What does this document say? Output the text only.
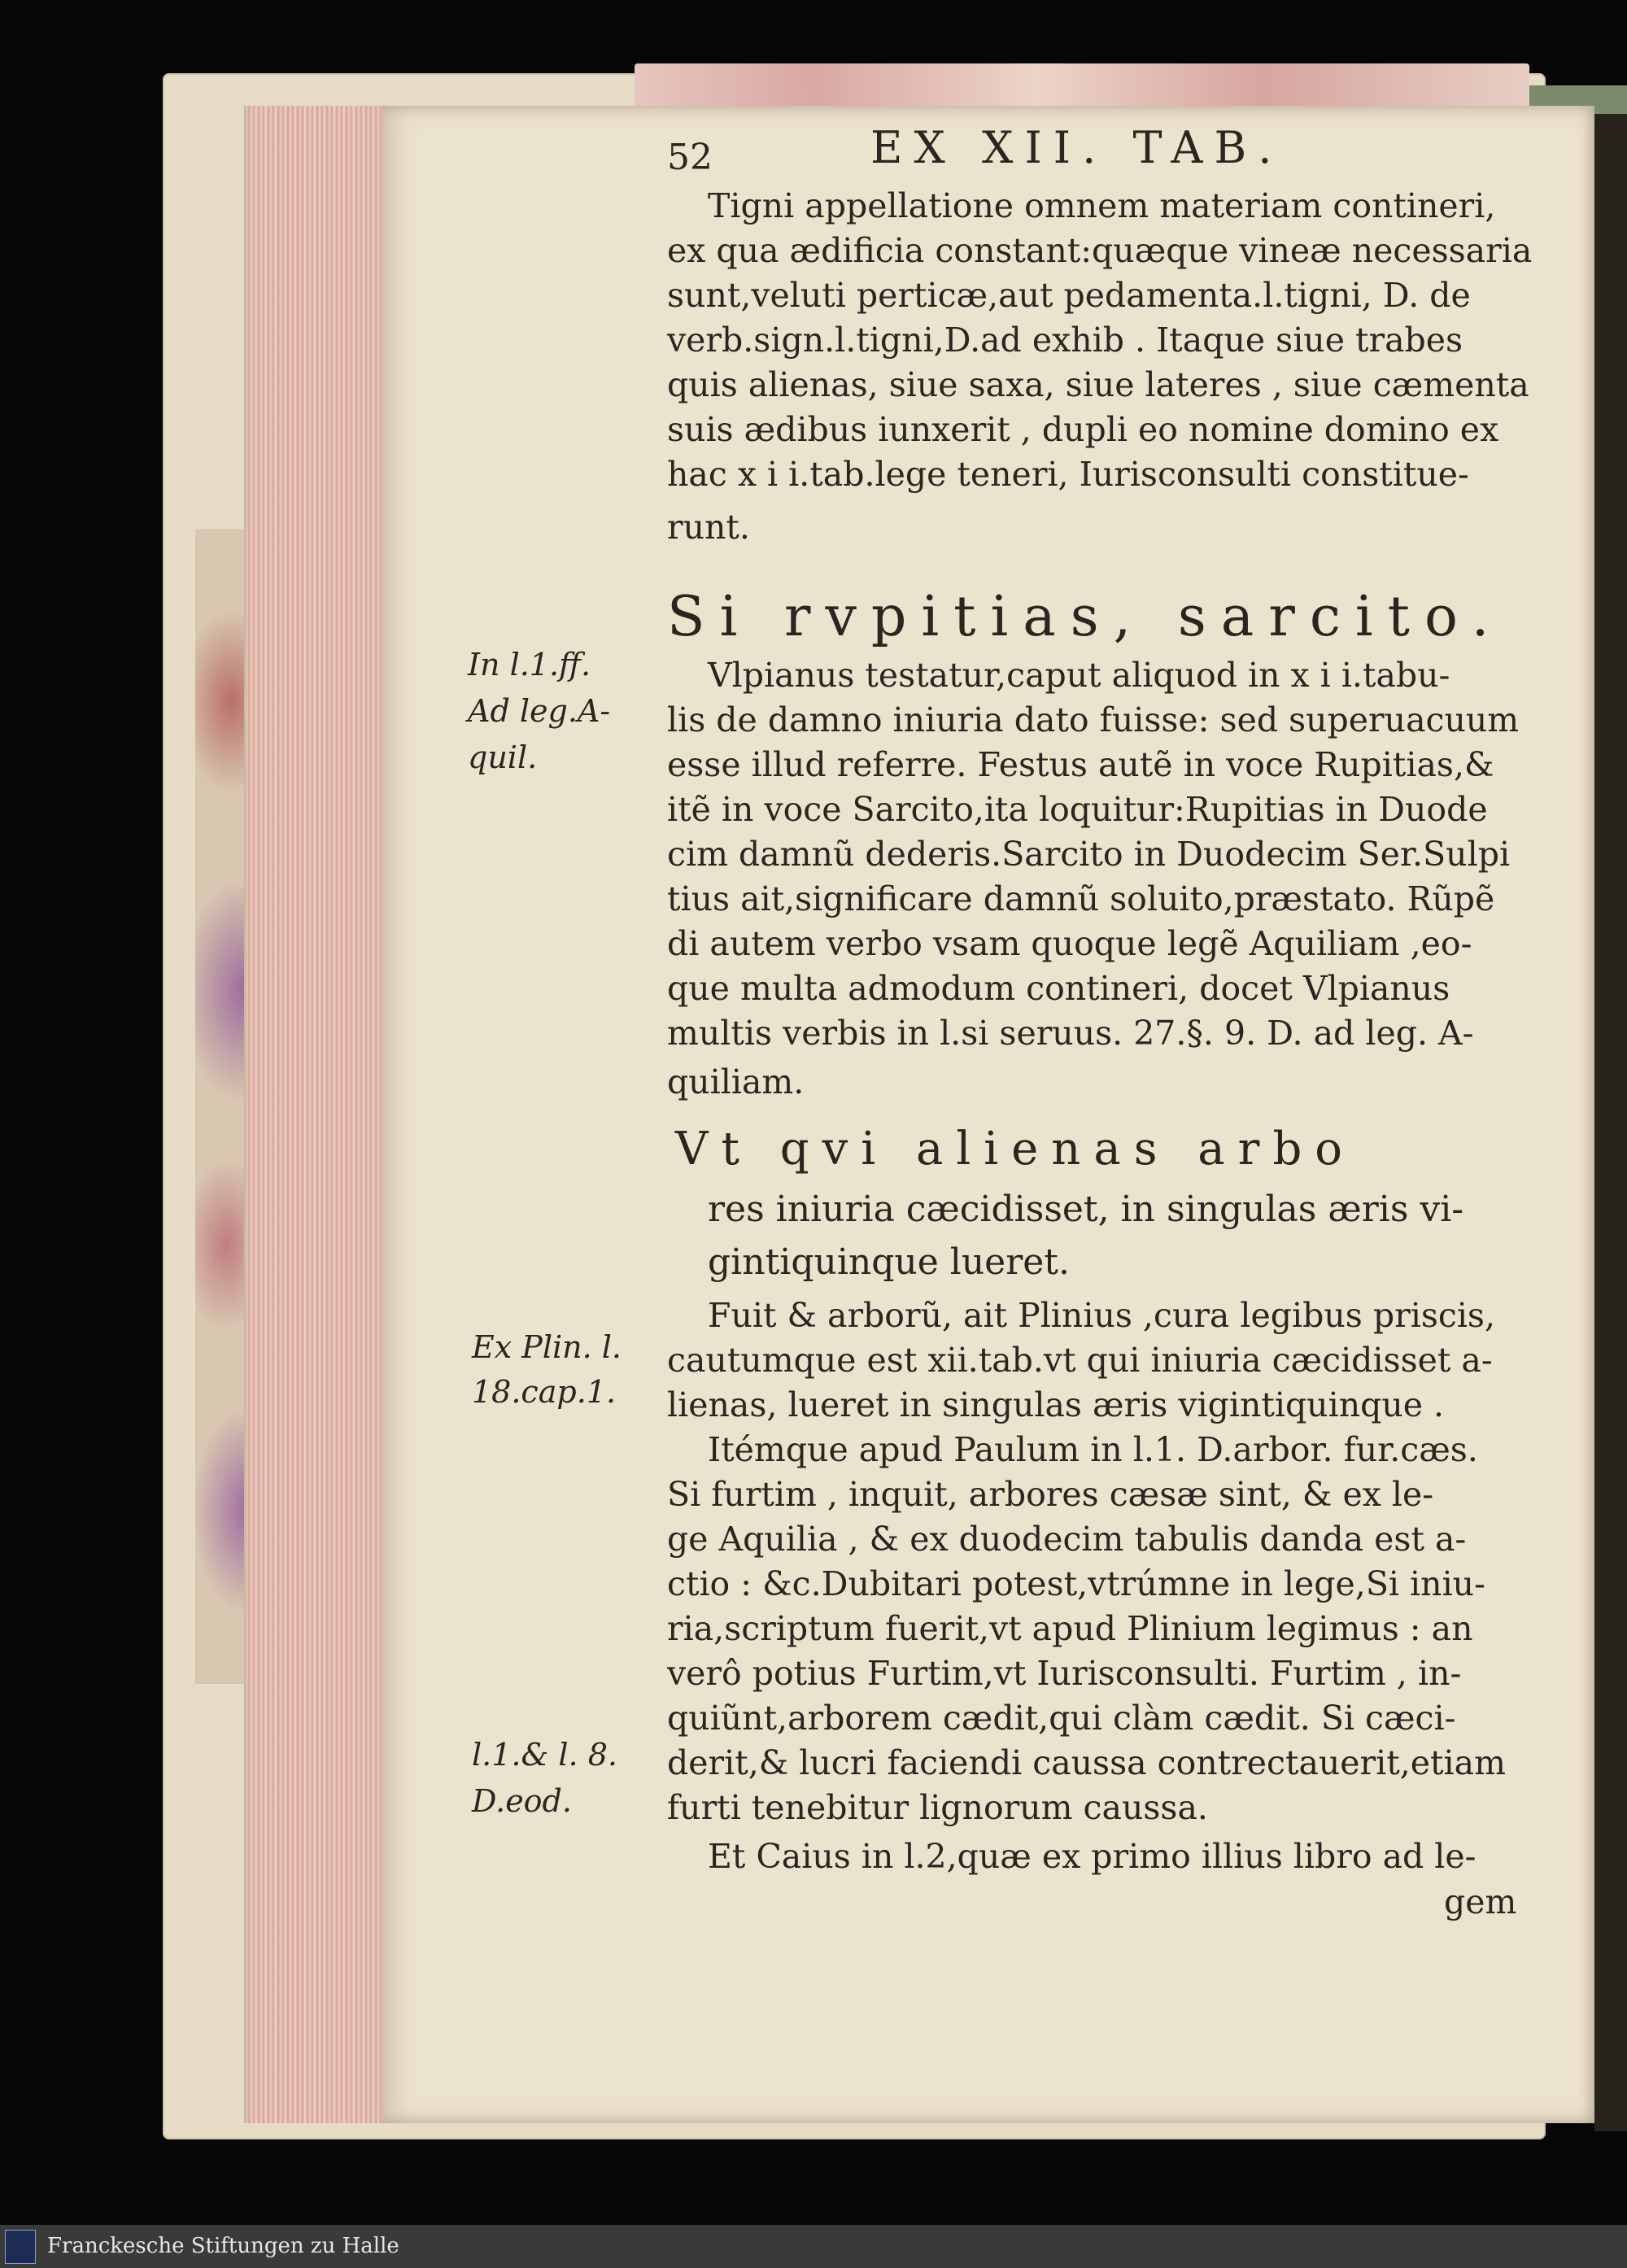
52	EX XII. TAB.
Tigni appellatione omnem materiam contineri,
ex qua ædificia constant:quæque vineæ necessaria
sunt,veluti perticæ,aut pedamenta.l.tigni, D. de
verb.sign.l.tigni,D.ad exhib . Itaque siue trabes
quis alienas, siue saxa, siue lateres , siue cæmenta
suis ædibus iunxerit , dupli eo nomine domino ex
hac x i i.tab.lege teneri, Iurisconsulti constitue-
runt.
Si rvpitias, sarcito.
Vlpianus testatur,caput aliquod in x i i.tabu-
lis de damno iniuria dato fuisse: sed superuacuum
esse illud referre. Festus autẽ in voce Rupitias,&
itẽ in voce Sarcito,ita loquitur:Rupitias in Duode
cim damnũ dederis.Sarcito in Duodecim Ser.Sulpi
tius ait,significare damnũ soluito,præstato. Rũpẽ
di autem verbo vsam quoque legẽ Aquiliam ,eo-
que multa admodum contineri, docet Vlpianus
multis verbis in l.si seruus. 27.§. 9. D. ad leg. A-
quiliam.
Vt qvi alienas arbo
res iniuria cæcidisset, in singulas æris vi-
gintiquinque lueret.
Fuit & arborũ, ait Plinius ,cura legibus priscis,
cautumque est xii.tab.vt qui iniuria cæcidisset a-
lienas, lueret in singulas æris vigintiquinque .
Itémque apud Paulum in l.1. D.arbor. fur.cæs.
Si furtim , inquit, arbores cæsæ sint, & ex le-
ge Aquilia , & ex duodecim tabulis danda est a-
ctio : &c.Dubitari potest,vtrúmne in lege,Si iniu-
ria,scriptum fuerit,vt apud Plinium legimus : an
verô potius Furtim,vt Iurisconsulti. Furtim , in-
quiũnt,arborem cædit,qui clàm cædit. Si cæci-
derit,& lucri faciendi caussa contrectauerit,etiam
furti tenebitur lignorum caussa.
Et Caius in l.2,quæ ex primo illius libro ad le-
gem
In l.1.ff.
Ad leg.A-
quil.
Ex Plin. l.
18.cap.1.
l.1.& l. 8.
D.eod.
Franckesche Stiftungen zu Halle
